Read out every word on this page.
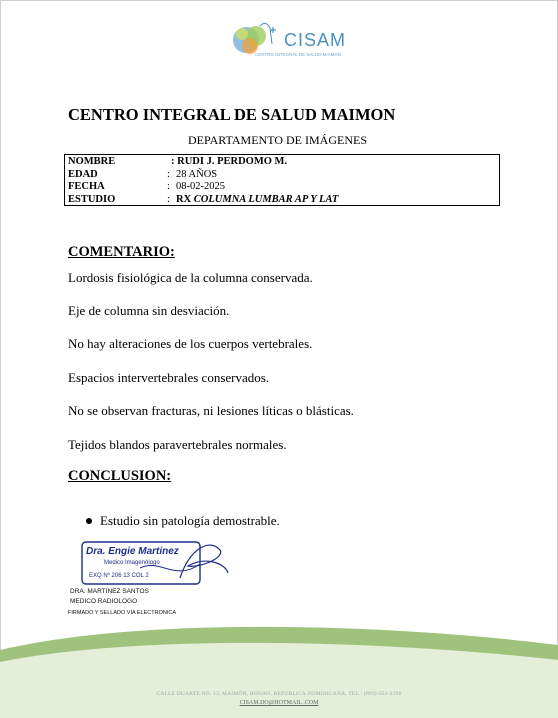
CISAM
CENTRO INTEGRAL DE SALUD MAIMON
CENTRO INTEGRAL DE SALUD MAIMON
DEPARTAMENTO DE IMÁGENES
NOMBRE	: RUDI J. PERDOMO M.
EDAD	: 28 AÑOS
FECHA	: 08-02-2025
ESTUDIO	: RX COLUMNA LUMBAR AP Y LAT
COMENTARIO:
Lordosis fisiológica de la columna conservada.
Eje de columna sin desviación.
No hay alteraciones de los cuerpos vertebrales.
Espacios intervertebrales conservados.
No se observan fracturas, ni lesiones líticas o blásticas.
Tejidos blandos paravertebrales normales.
CONCLUSION:
Estudio sin patología demostrable.
Dra. Engie Martinez
Medico Imagenólogo
EXQ Nº 206 13 COL 2
DRA. MARTINEZ SANTOS
MEDICO RADIOLOGO
FIRMADO Y SELLADO VIA ELECTRONICA
CALLE DUARTE NO. 13, MAIMÓN, BONAO, REPUBLICA DOMINICANA, TEL.: (809)-551-2196
CISAM.DO@HOTMAIL .COM
